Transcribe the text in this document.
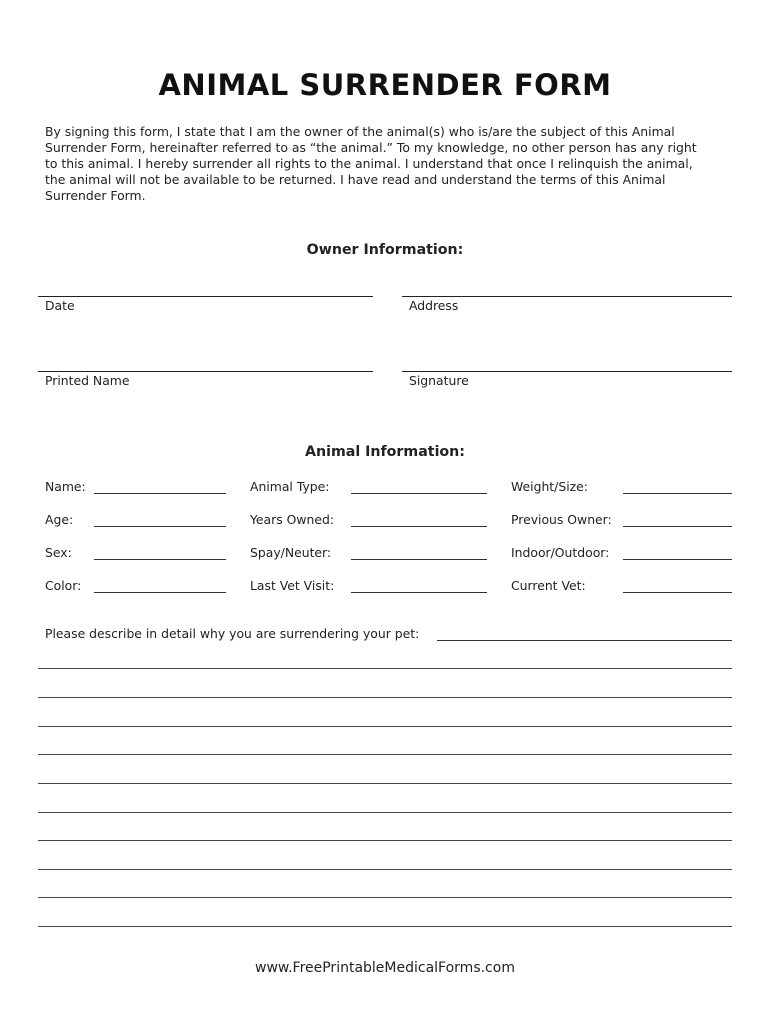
ANIMAL SURRENDER FORM
By signing this form, I state that I am the owner of the animal(s) who is/are the subject of this Animal
Surrender Form, hereinafter referred to as “the animal.” To my knowledge, no other person has any right
to this animal. I hereby surrender all rights to the animal. I understand that once I relinquish the animal,
the animal will not be available to be returned. I have read and understand the terms of this Animal
Surrender Form.
Owner Information:
Date	Address
Printed Name	Signature
Animal Information:
Name:	Animal Type:	Weight/Size:
Age:	Years Owned:	Previous Owner:
Sex:	Spay/Neuter:	Indoor/Outdoor:
Color:	Last Vet Visit:	Current Vet:
Please describe in detail why you are surrendering your pet:
www.FreePrintableMedicalForms.com
